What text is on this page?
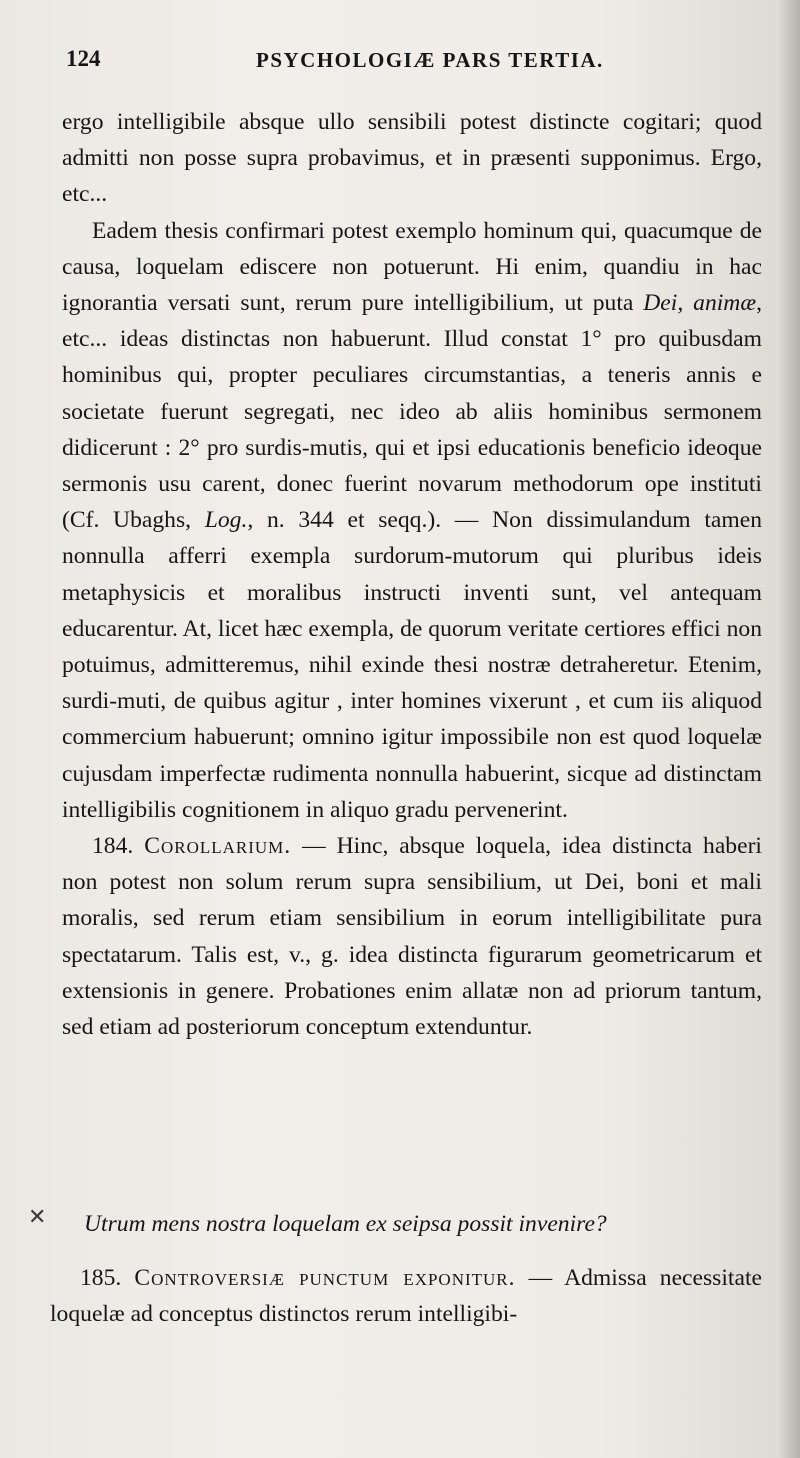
124	PSYCHOLOGIÆ PARS TERTIA.

ergo intelligibile absque ullo sensibili potest distincte cogitari; quod admitti non posse supra probavimus, et in præsenti supponimus. Ergo, etc...

Eadem thesis confirmari potest exemplo hominum qui, quacumque de causa, loquelam ediscere non potuerunt. Hi enim, quandiu in hac ignorantia versati sunt, rerum pure intelligibilium, ut puta Dei, animæ, etc... ideas distinctas non habuerunt. Illud constat 1° pro quibusdam hominibus qui, propter peculiares circumstantias, a teneris annis e societate fuerunt segregati, nec ideo ab aliis hominibus sermonem didicerunt : 2° pro surdis-mutis, qui et ipsi educationis beneficio ideoque sermonis usu carent, donec fuerint novarum methodorum ope instituti (Cf. Ubaghs, Log., n. 344 et seqq.). — Non dissimulandum tamen nonnulla afferri exempla surdorum-mutorum qui pluribus ideis metaphysicis et moralibus instructi inventi sunt, vel antequam educarentur. At, licet hæc exempla, de quorum veritate certiores effici non potuimus, admitteremus, nihil exinde thesi nostræ detraheretur. Etenim, surdi-muti, de quibus agitur , inter homines vixerunt , et cum iis aliquod commercium habuerunt; omnino igitur impossibile non est quod loquelæ cujusdam imperfectæ rudimenta nonnulla habuerint, sicque ad distinctam intelligibilis cognitionem in aliquo gradu pervenerint.

184. Corollarium. — Hinc, absque loquela, idea distincta haberi non potest non solum rerum supra sensibilium, ut Dei, boni et mali moralis, sed rerum etiam sensibilium in eorum intelligibilitate pura spectatarum. Talis est, v., g. idea distincta figurarum geometricarum et extensionis in genere. Probationes enim allatæ non ad priorum tantum, sed etiam ad posteriorum conceptum extenduntur.

✕ Utrum mens nostra loquelam ex seipsa possit invenire?

185. Controversiæ punctum exponitur. — Admissa necessitate loquelæ ad conceptus distinctos rerum intelligibi-
